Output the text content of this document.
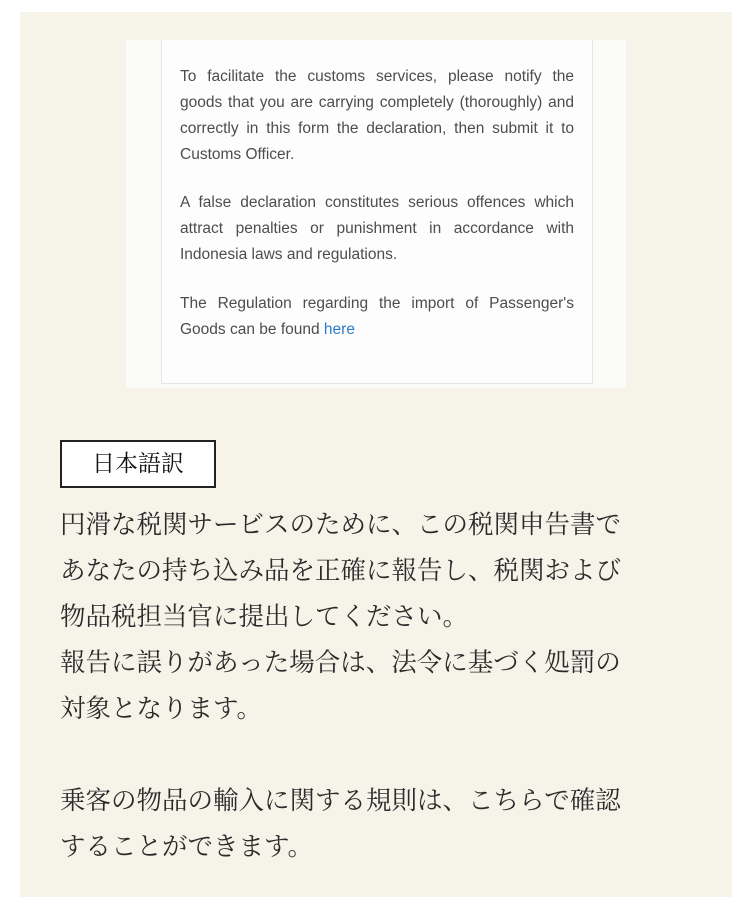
To facilitate the customs services, please notify the goods that you are carrying completely (thoroughly) and correctly in this form the declaration, then submit it to Customs Officer.

A false declaration constitutes serious offences which attract penalties or punishment in accordance with Indonesia laws and regulations.

The Regulation regarding the import of Passenger's Goods can be found here

日本語訳

円滑な税関サービスのために、この税関申告書で

あなたの持ち込み品を正確に報告し、税関および

物品税担当官に提出してください。

報告に誤りがあった場合は、法令に基づく処罰の

対象となります。

乗客の物品の輸入に関する規則は、こちらで確認

することができます。
